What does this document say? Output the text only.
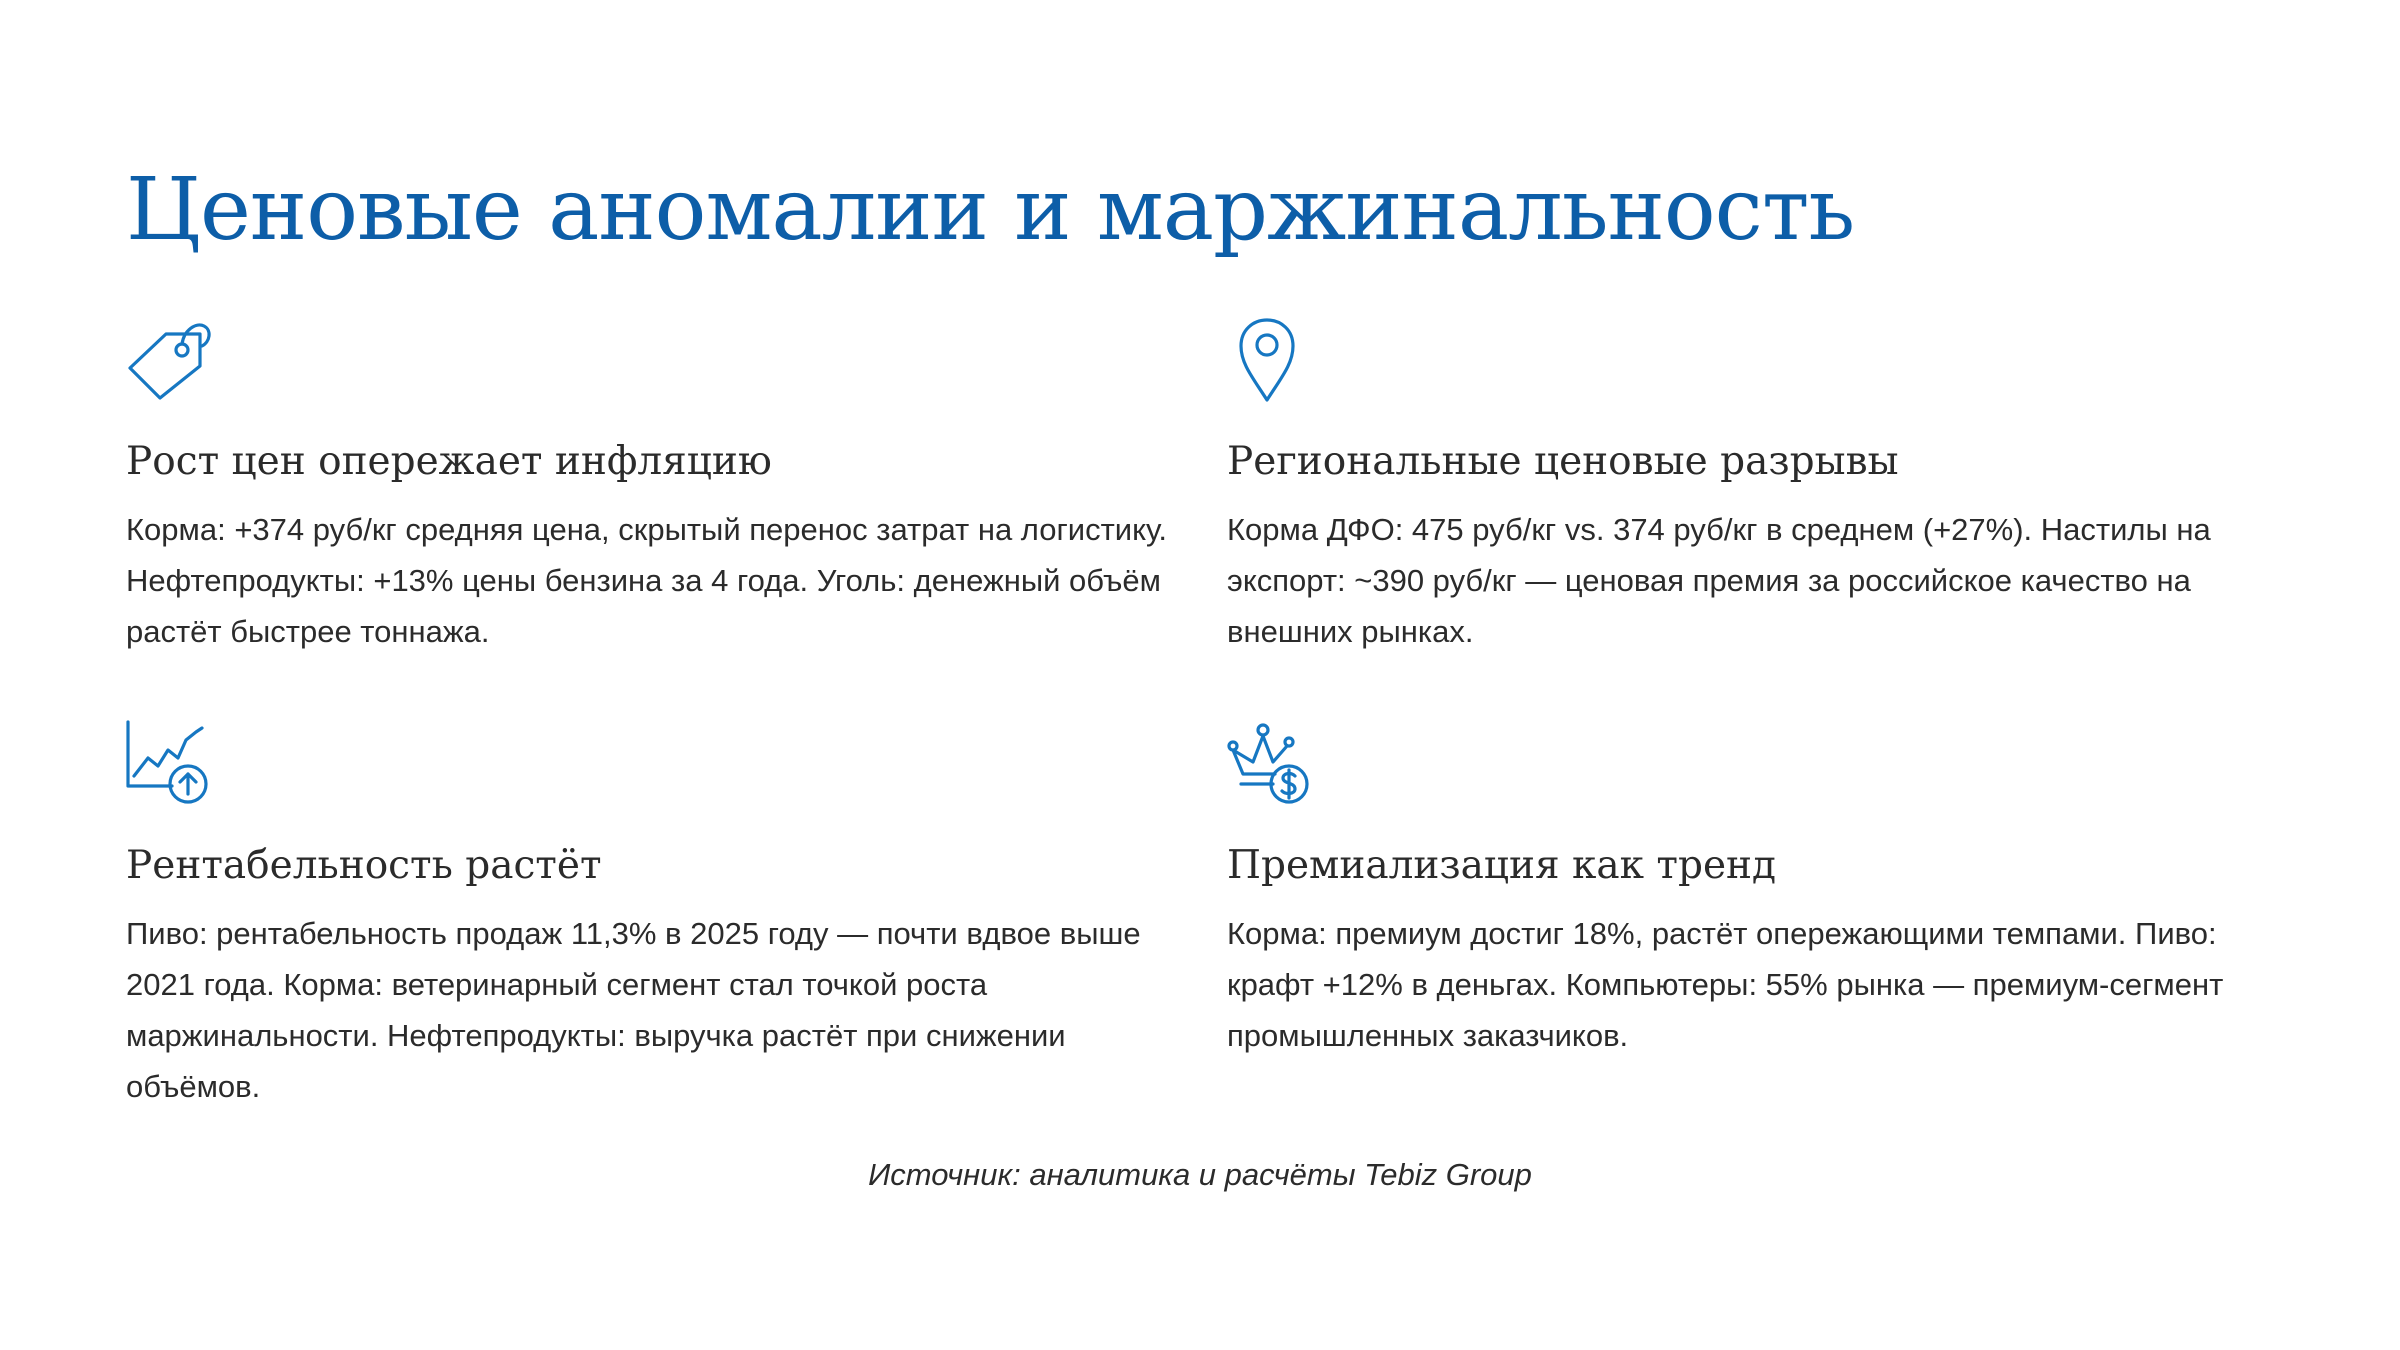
Ценовые аномалии и маржинальность
Рост цен опережает инфляцию

Корма: +374 руб/кг средняя цена, скрытый перенос затрат на логистику. Нефтепродукты: +13% цены бензина за 4 года. Уголь: денежный объём растёт быстрее тоннажа.

Региональные ценовые разрывы

Корма ДФО: 475 руб/кг vs. 374 руб/кг в среднем (+27%). Настилы на экспорт: ~390 руб/кг — ценовая премия за российское качество на внешних рынках.

Рентабельность растёт

Пиво: рентабельность продаж 11,3% в 2025 году — почти вдвое выше 2021 года. Корма: ветеринарный сегмент стал точкой роста маржинальности. Нефтепродукты: выручка растёт при снижении объёмов.

Премиализация как тренд

Корма: премиум достиг 18%, растёт опережающими темпами. Пиво: крафт +12% в деньгах. Компьютеры: 55% рынка — премиум-сегмент промышленных заказчиков.

Источник: аналитика и расчёты Tebiz Group
